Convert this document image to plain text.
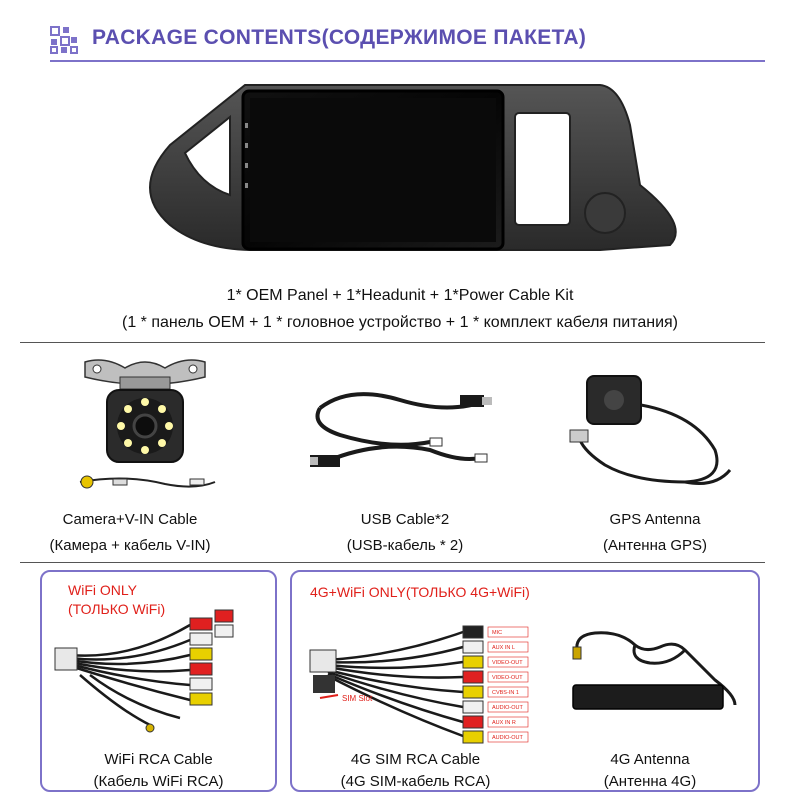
PACKAGE CONTENTS(СОДЕРЖИМОЕ ПАКЕТА)
1* OEM Panel + 1*Headunit + 1*Power Cable Kit
(1 * панель OEM + 1 * головное устройство + 1 * комплект кабеля питания)
Camera+V-IN Cable
(Камера + кабель V-IN)
USB Cable*2
(USB-кабель * 2)
GPS Antenna
(Антенна GPS)
WiFi ONLY
(ТОЛЬКО WiFi)
WiFi RCA Cable
(Кабель WiFi RCA)
4G+WiFi ONLY(ТОЛЬКО 4G+WiFi)
SIM Slot
MIC
AUX IN L
VIDEO-OUT
VIDEO-OUT
CVBS-IN 1
AUDIO-OUT
AUX IN R
AUDIO-OUT
4G SIM RCA Cable
(4G SIM-кабель RCA)
4G Antenna
(Антенна 4G)
